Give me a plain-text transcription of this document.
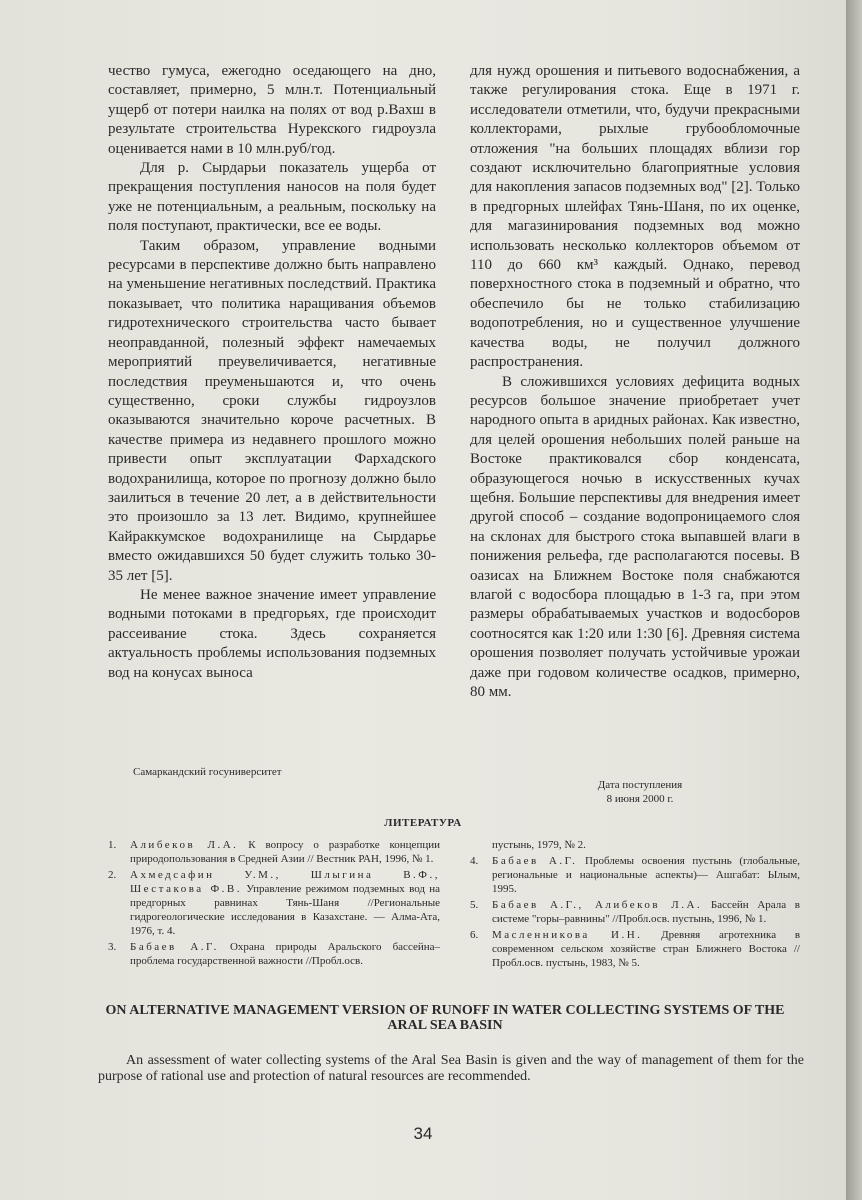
чество гумуса, ежегодно оседающего на дно, составляет, примерно, 5 млн.т. Потенциальный ущерб от потери наилка на полях от вод р.Вахш в результате строительства Нурекского гидроузла оценивается нами в 10 млн.руб/год.

Для р. Сырдарьи показатель ущерба от прекращения поступления наносов на поля будет уже не потенциальным, а реальным, поскольку на поля поступают, практически, все ее воды.

Таким образом, управление водными ресурсами в перспективе должно быть направлено на уменьшение негативных последствий. Практика показывает, что политика наращивания объемов гидротехнического строительства часто бывает неоправданной, полезный эффект намечаемых мероприятий преувеличивается, негативные последствия преуменьшаются и, что очень существенно, сроки службы гидроузлов оказываются значительно короче расчетных. В качестве примера из недавнего прошлого можно привести опыт эксплуатации Фархадского водохранилища, которое по прогнозу должно было заилиться в течение 20 лет, а в действительности это произошло за 13 лет. Видимо, крупнейшее Кайраккумское водохранилище на Сырдарье вместо ожидавшихся 50 будет служить только 30-35 лет [5].

Не менее важное значение имеет управление водными потоками в предгорьях, где происходит рассеивание стока. Здесь сохраняется актуальность проблемы использования подземных вод на конусах выноса

для нужд орошения и питьевого водоснабжения, а также регулирования стока. Еще в 1971 г. исследователи отметили, что, будучи прекрасными коллекторами, рыхлые грубообломочные отложения "на больших площадях вблизи гор создают исключительно благоприятные условия для накопления запасов подземных вод" [2]. Только в предгорных шлейфах Тянь-Шаня, по их оценке, для магазинирования подземных вод можно использовать несколько коллекторов объемом от 110 до 660 км³ каждый. Однако, перевод поверхностного стока в подземный и обратно, что обеспечило бы не только стабилизацию водопотребления, но и существенное улучшение качества воды, не получил должного распространения.

В сложившихся условиях дефицита водных ресурсов большое значение приобретает учет народного опыта в аридных районах. Как известно, для целей орошения небольших полей раньше на Востоке практиковался сбор конденсата, образующегося ночью в искусственных кучах щебня. Большие перспективы для внедрения имеет другой способ – создание водопроницаемого слоя на склонах для быстрого стока выпавшей влаги в понижения рельефа, где располагаются посевы. В оазисах на Ближнем Востоке поля снабжаются влагой с водосбора площадью в 1-3 га, при этом размеры обрабатываемых участков и водосборов соотносятся как 1:20 или 1:30 [6]. Древняя система орошения позволяет получать устойчивые урожаи даже при годовом количестве осадков, примерно, 80 мм.

Самаркандский госуниверситет
Дата поступления
8 июня 2000 г.
ЛИТЕРАТУРА
1. Алибеков Л.А. К вопросу о разработке концепции природопользования в Средней Азии // Вестник РАН, 1996, № 1.
2. Ахмедсафин У.М., Шлыгина В.Ф., Шестакова Ф.В. Управление режимом подземных вод на предгорных равнинах Тянь-Шаня //Региональные гидрогеологические исследования в Казахстане. — Алма-Ата, 1976, т. 4.
3. Бабаев А.Г. Охрана природы Аральского бассейна– проблема государственной важности //Пробл.осв.
пустынь, 1979, № 2.
4. Бабаев А.Г. Проблемы освоения пустынь (глобальные, региональные и национальные аспекты)— Ашгабат: Ылым, 1995.
5. Бабаев А.Г., Алибеков Л.А. Бассейн Арала в системе "горы–равнины" //Пробл.осв. пустынь, 1996, № 1.
6. Масленникова И.Н. Древняя агротехника в современном сельском хозяйстве стран Ближнего Востока //Пробл.осв. пустынь, 1983, № 5.
ON ALTERNATIVE MANAGEMENT VERSION OF RUNOFF IN WATER COLLECTING SYSTEMS OF THE ARAL SEA BASIN
An assessment of water collecting systems of the Aral Sea Basin is given and the way of management of them for the purpose of rational use and protection of natural resources are recommended.
34
